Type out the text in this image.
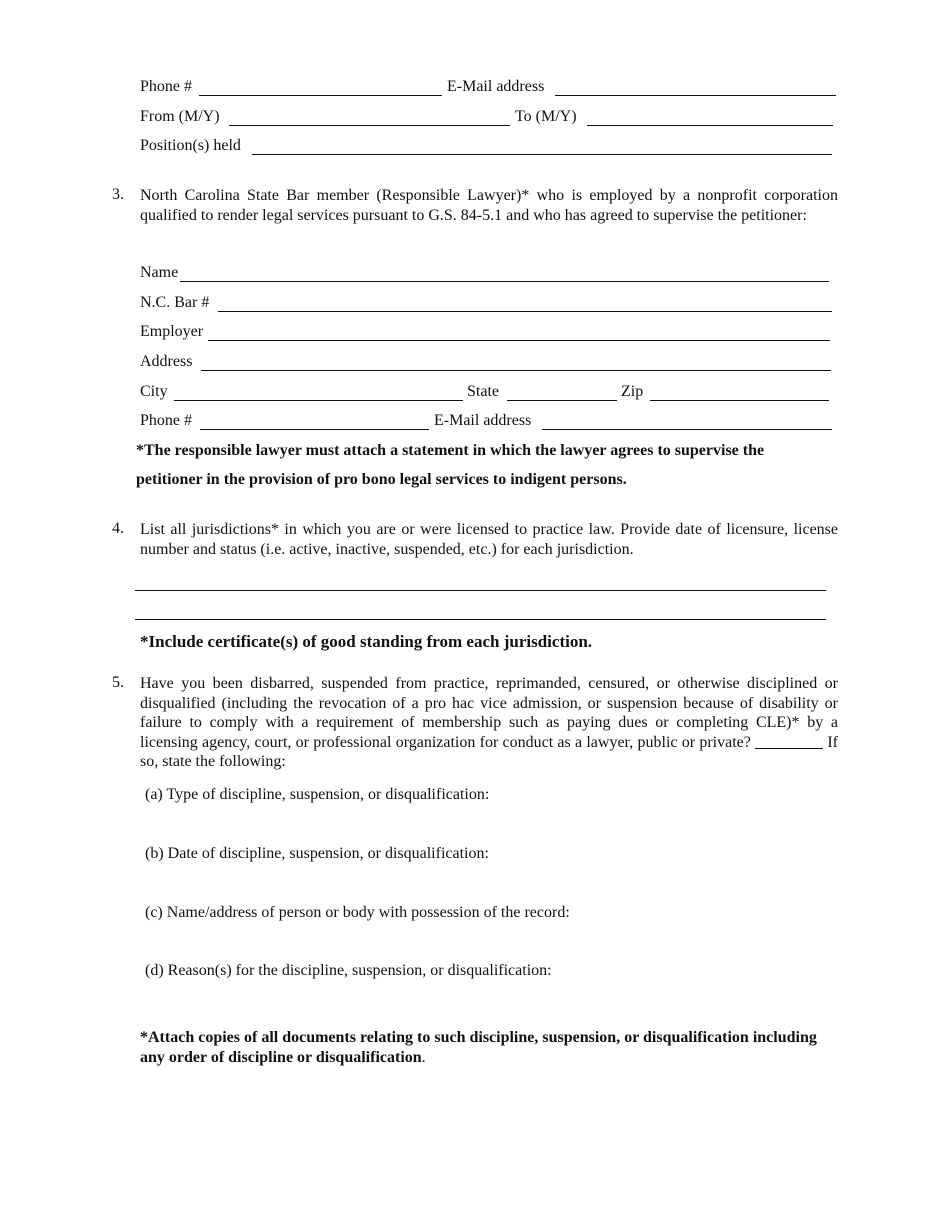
Phone #	E-Mail address
From (M/Y)	To (M/Y)
Position(s) held
3. North Carolina State Bar member (Responsible Lawyer)* who is employed by a nonprofit corporation qualified to render legal services pursuant to G.S. 84-5.1 and who has agreed to supervise the petitioner:
Name
N.C. Bar #
Employer
Address
City	State	Zip
Phone #	E-Mail address
*The responsible lawyer must attach a statement in which the lawyer agrees to supervise the
petitioner in the provision of pro bono legal services to indigent persons.
4. List all jurisdictions* in which you are or were licensed to practice law. Provide date of licensure, license number and status (i.e. active, inactive, suspended, etc.) for each jurisdiction.
*Include certificate(s) of good standing from each jurisdiction.
5. Have you been disbarred, suspended from practice, reprimanded, censured, or otherwise disciplined or disqualified (including the revocation of a pro hac vice admission, or suspension because of disability or failure to comply with a requirement of membership such as paying dues or completing CLE)* by a licensing agency, court, or professional organization for conduct as a lawyer, public or private?	If so, state the following:
(a) Type of discipline, suspension, or disqualification:
(b) Date of discipline, suspension, or disqualification:
(c) Name/address of person or body with possession of the record:
(d) Reason(s) for the discipline, suspension, or disqualification:
*Attach copies of all documents relating to such discipline, suspension, or disqualification including any order of discipline or disqualification.
